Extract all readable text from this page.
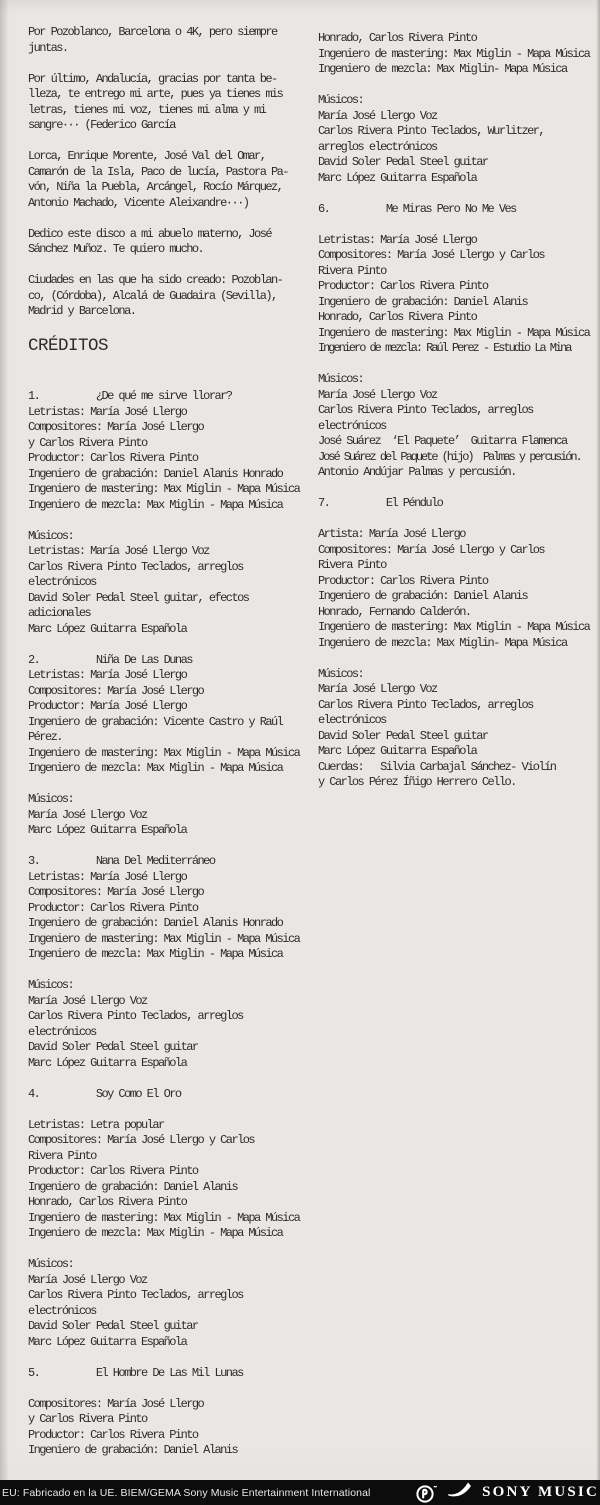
Por Pozoblanco, Barcelona o 4K, pero siempre
juntas.
Por último, Andalucía, gracias por tanta be-
lleza, te entrego mi arte, pues ya tienes mis
letras, tienes mi voz, tienes mi alma y mi
sangre··· (Federico García
Lorca, Enrique Morente, José Val del Omar,
Camarón de la Isla, Paco de lucía, Pastora Pa-
vón, Niña la Puebla, Arcángel, Rocío Márquez,
Antonio Machado, Vicente Aleixandre···)
Dedico este disco a mi abuelo materno, José
Sánchez Muñoz. Te quiero mucho.
Ciudades en las que ha sido creado: Pozoblan-
co, (Córdoba), Alcalá de Guadaira (Sevilla),
Madrid y Barcelona.
CRÉDITOS
1.          ¿De qué me sirve llorar?
Letristas: María José Llergo
Compositores: María José Llergo
y Carlos Rivera Pinto
Productor: Carlos Rivera Pinto
Ingeniero de grabación: Daniel Alanis Honrado
Ingeniero de mastering: Max Miglin - Mapa Música
Ingeniero de mezcla: Max Miglin - Mapa Música
Músicos:
Letristas: María José Llergo Voz
Carlos Rivera Pinto Teclados, arreglos
electrónicos
David Soler Pedal Steel guitar, efectos
adicionales
Marc López Guitarra Española
2.          Niña De Las Dunas
Letristas: María José Llergo
Compositores: María José Llergo
Productor: María José Llergo
Ingeniero de grabación: Vicente Castro y Raúl
Pérez.
Ingeniero de mastering: Max Miglin - Mapa Música
Ingeniero de mezcla: Max Miglin - Mapa Música
Músicos:
María José Llergo Voz
Marc López Guitarra Española
3.          Nana Del Mediterráneo
Letristas: María José Llergo
Compositores: María José Llergo
Productor: Carlos Rivera Pinto
Ingeniero de grabación: Daniel Alanis Honrado
Ingeniero de mastering: Max Miglin - Mapa Música
Ingeniero de mezcla: Max Miglin - Mapa Música
Músicos:
María José Llergo Voz
Carlos Rivera Pinto Teclados, arreglos
electrónicos
David Soler Pedal Steel guitar
Marc López Guitarra Española
4.          Soy Como El Oro

Letristas: Letra popular
Compositores: María José Llergo y Carlos
Rivera Pinto
Productor: Carlos Rivera Pinto
Ingeniero de grabación: Daniel Alanis
Honrado, Carlos Rivera Pinto
Ingeniero de mastering: Max Miglin - Mapa Música
Ingeniero de mezcla: Max Miglin - Mapa Música
Músicos:
María José Llergo Voz
Carlos Rivera Pinto Teclados, arreglos
electrónicos
David Soler Pedal Steel guitar
Marc López Guitarra Española
5.          El Hombre De Las Mil Lunas

Compositores: María José Llergo
y Carlos Rivera Pinto
Productor: Carlos Rivera Pinto
Ingeniero de grabación: Daniel Alanis
Honrado, Carlos Rivera Pinto
Ingeniero de mastering: Max Miglin - Mapa Música
Ingeniero de mezcla: Max Miglin- Mapa Música
Músicos:
María José Llergo Voz
Carlos Rivera Pinto Teclados, Wurlitzer,
arreglos electrónicos
David Soler Pedal Steel guitar
Marc López Guitarra Española
6.          Me Miras Pero No Me Ves

Letristas: María José Llergo
Compositores: María José Llergo y Carlos
Rivera Pinto
Productor: Carlos Rivera Pinto
Ingeniero de grabación: Daniel Alanis
Honrado, Carlos Rivera Pinto
Ingeniero de mastering: Max Miglin - Mapa Música
Ingeniero de mezcla: Raúl Perez - Estudio La Mina
Músicos:
María José Llergo Voz
Carlos Rivera Pinto Teclados, arreglos
electrónicos
José Suárez  ‘El Paquete’  Guitarra Flamenca
José Suárez del Paquete (hijo)  Palmas y percusión.
Antonio Andújar Palmas y percusión.
7.          El Péndulo

Artista: María José Llergo
Compositores: María José Llergo y Carlos
Rivera Pinto
Productor: Carlos Rivera Pinto
Ingeniero de grabación: Daniel Alanis
Honrado, Fernando Calderón.
Ingeniero de mastering: Max Miglin - Mapa Música
Ingeniero de mezcla: Max Miglin- Mapa Música
Músicos:
María José Llergo Voz
Carlos Rivera Pinto Teclados, arreglos
electrónicos
David Soler Pedal Steel guitar
Marc López Guitarra Española
Cuerdas:   Silvia Carbajal Sánchez- Violín
y Carlos Pérez Íñigo Herrero Cello.
EU: Fabricado en la UE. BIEM/GEMA Sony Music Entertainment International	SONY MUSIC
